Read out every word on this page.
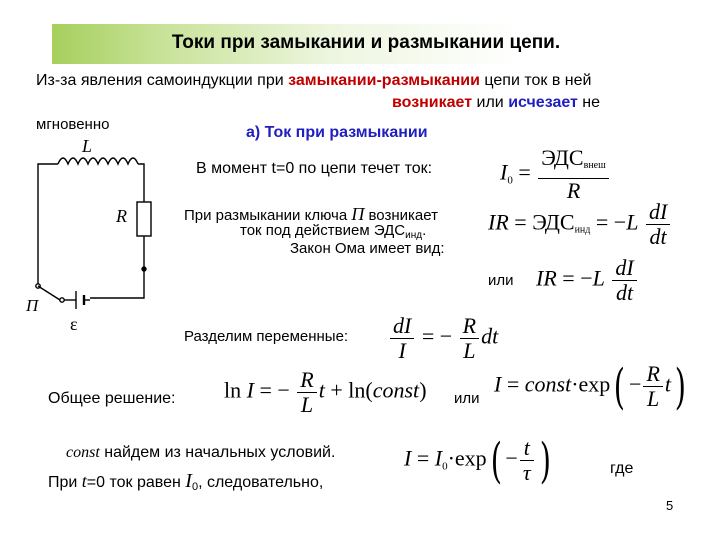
Токи при замыкании и размыкании цепи.
Из-за явления самоиндукции при замыкании-размыкании цепи ток в ней
возникает или исчезает не
мгновенно	а) Ток при размыкании
L
R
П
ε
В момент t=0 по цепи течет ток:	$I_0 = \frac{\text{ЭДСвнеш}}{R}$
При размыкании ключа П возникает
ток под действием $ЭДС_{инд}$.
Закон Ома имеет вид:
IR = ЭДСинд = $-L \frac{dI}{dt}$
или IR = $-L \frac{dI}{dt}$
Разделим переменные: $\frac{dI}{I}$ = − $\frac{R}{L}$ dt
Общее решение: ln I = − $\frac{R}{L}$ t + ln(const) или
I = const·exp( − $\frac{R}{L} t$)
const найдем из начальных условий.
При t=0 ток равен I0, следовательно,
$I = I_0\cdot\exp( - \frac{t}{\tau}$ )	где
5
